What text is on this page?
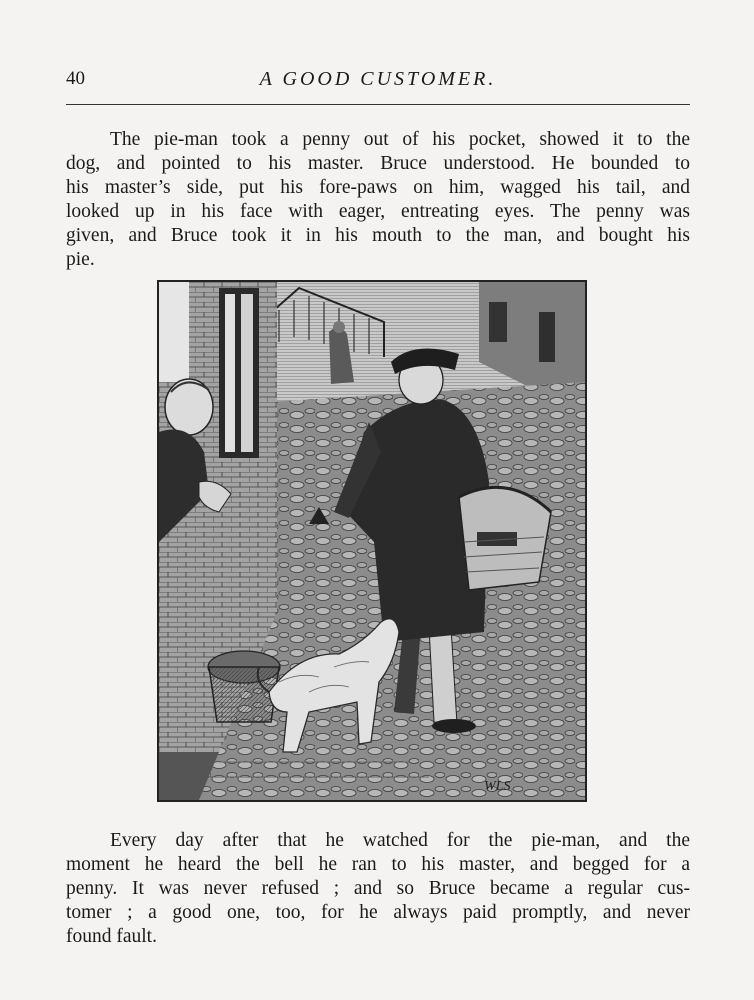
40	A GOOD CUSTOMER.

The pie-man took a penny out of his pocket, showed it to the
dog, and pointed to his master. Bruce understood. He bounded to
his master’s side, put his fore-paws on him, wagged his tail, and
looked up in his face with eager, entreating eyes. The penny was
given, and Bruce took it in his mouth to the man, and bought his
pie.

WLS

Every day after that he watched for the pie-man, and the
moment he heard the bell he ran to his master, and begged for a
penny. It was never refused ; and so Bruce became a regular cus-
tomer ; a good one, too, for he always paid promptly, and never
found fault.
